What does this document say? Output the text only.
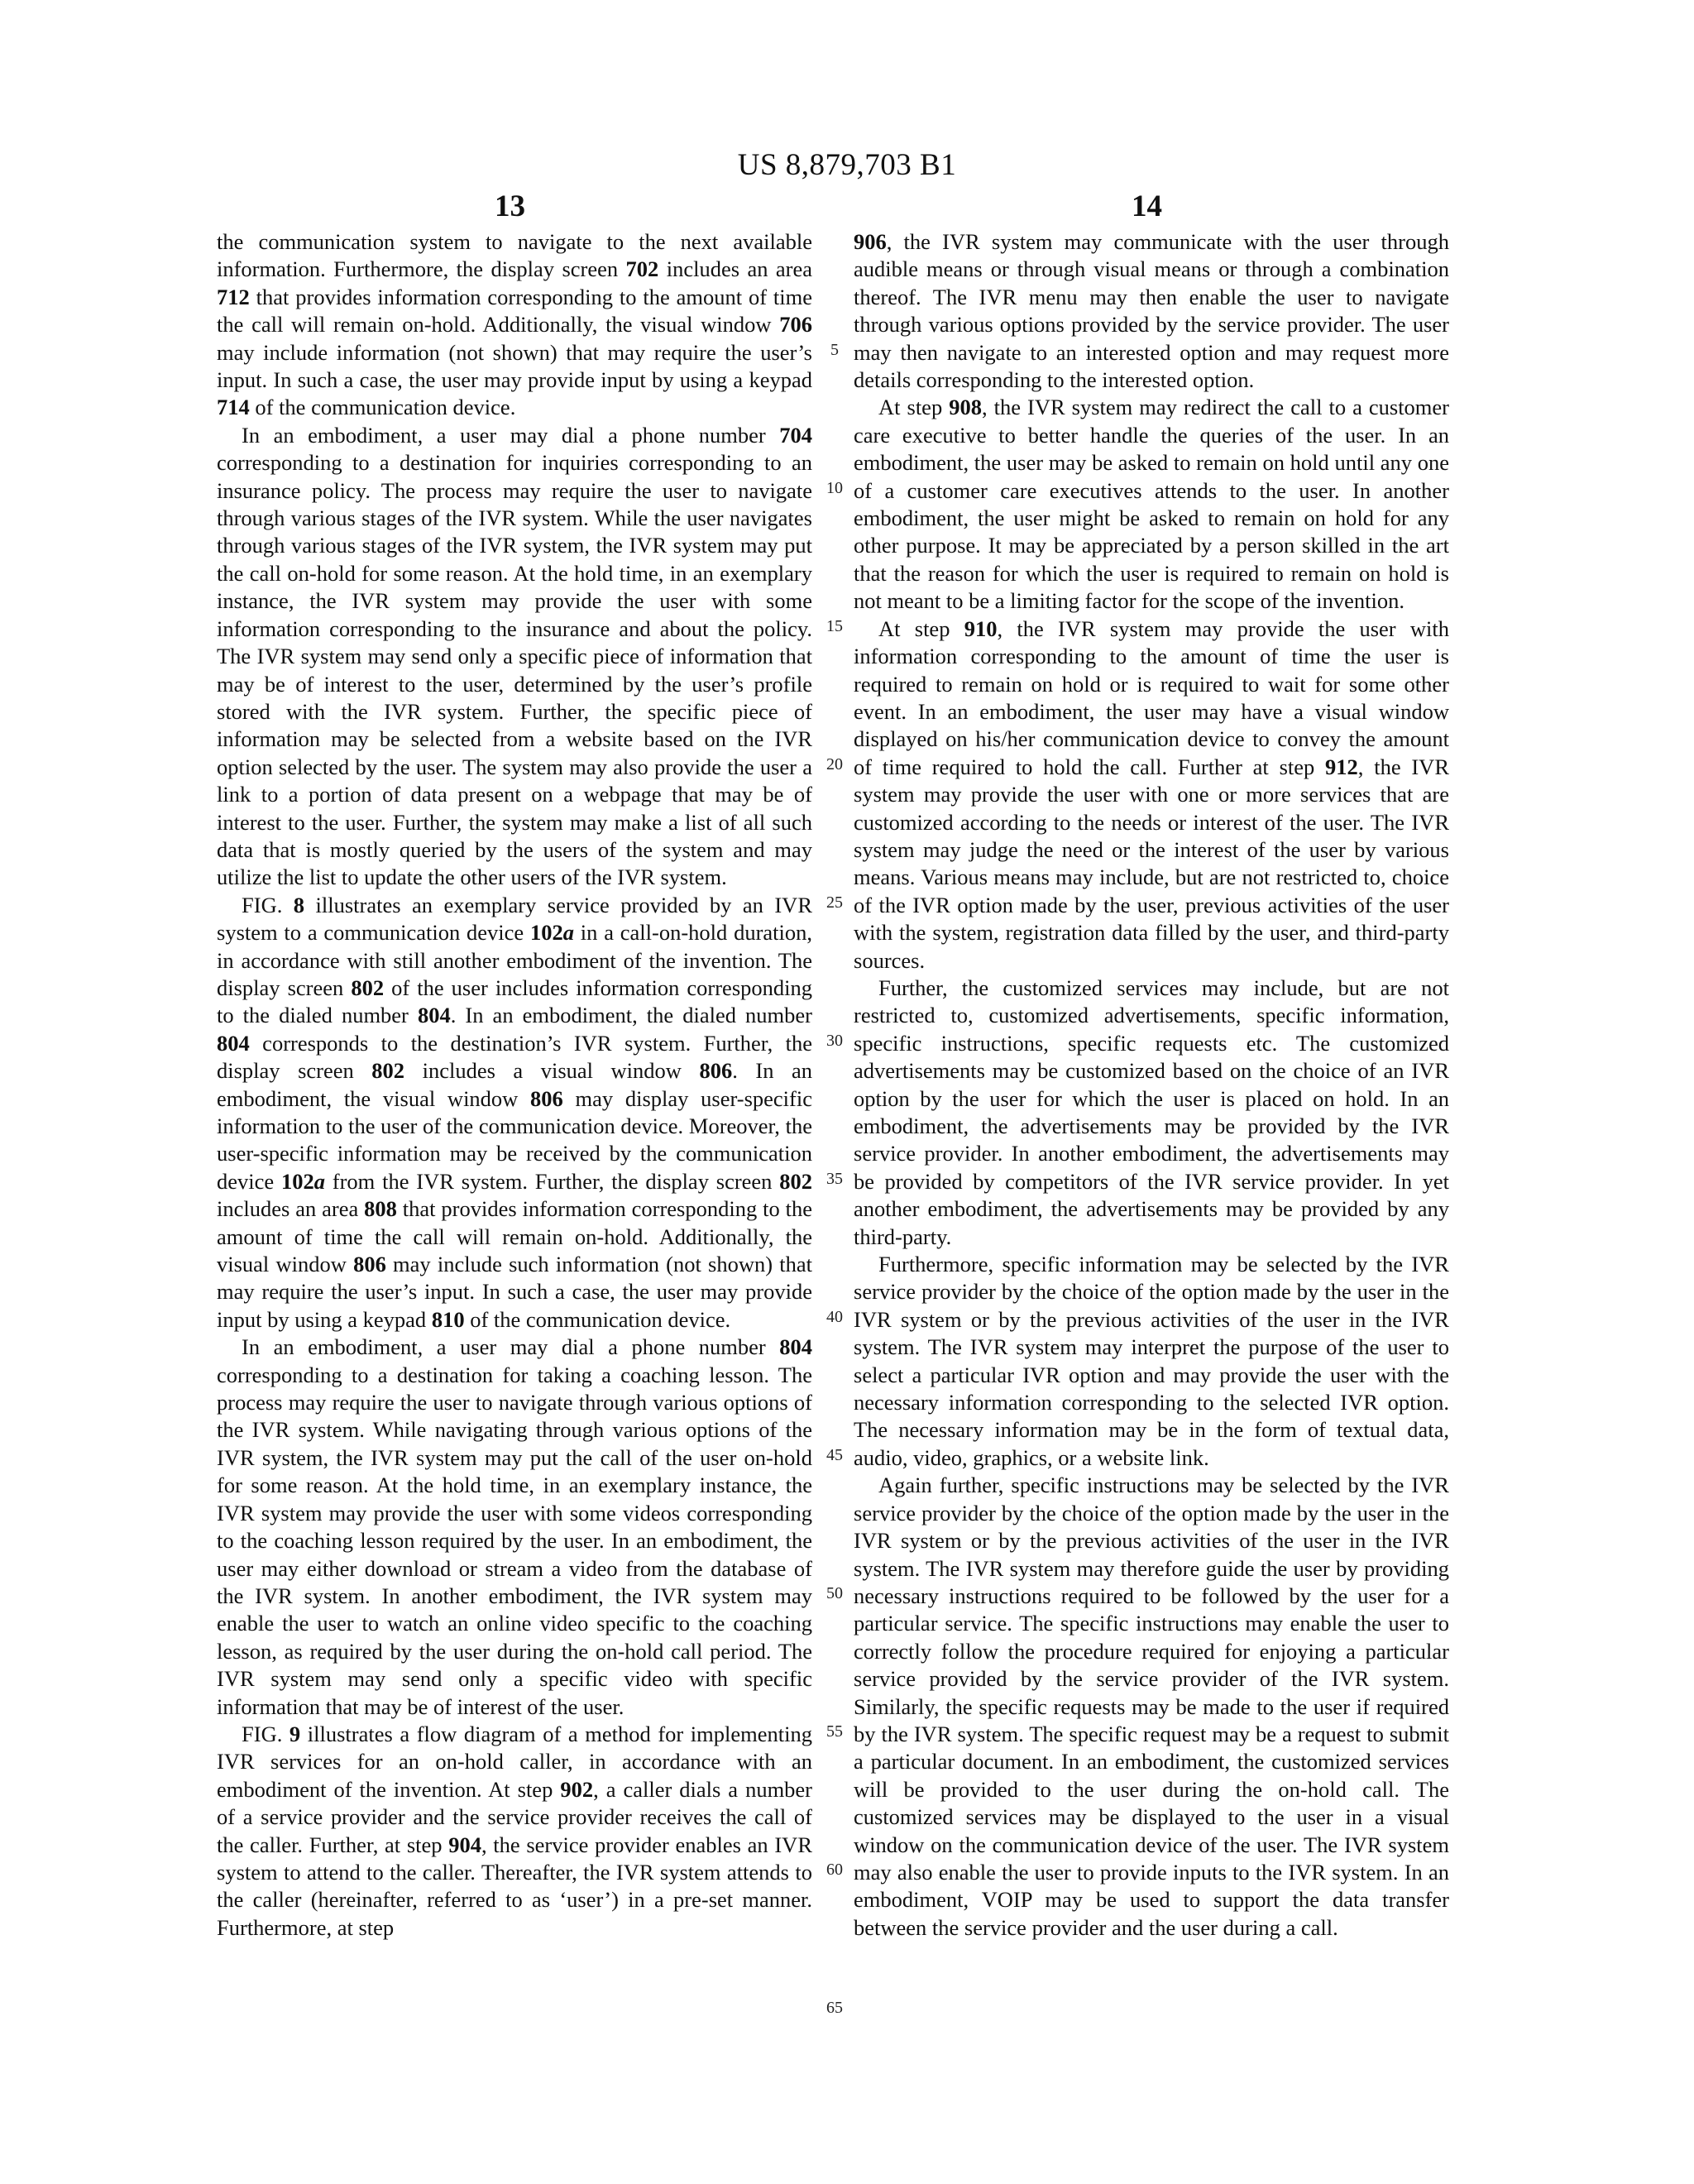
US 8,879,703 B1
13	14

the communication system to navigate to the next available information. Furthermore, the display screen 702 includes an area 712 that provides information corresponding to the amount of time the call will remain on-hold. Additionally, the visual window 706 may include information (not shown) that may require the user’s input. In such a case, the user may provide input by using a keypad 714 of the communication device.

In an embodiment, a user may dial a phone number 704 corresponding to a destination for inquiries corresponding to an insurance policy. The process may require the user to navigate through various stages of the IVR system. While the user navigates through various stages of the IVR system, the IVR system may put the call on-hold for some reason. At the hold time, in an exemplary instance, the IVR system may provide the user with some information corresponding to the insurance and about the policy. The IVR system may send only a specific piece of information that may be of interest to the user, determined by the user’s profile stored with the IVR system. Further, the specific piece of information may be selected from a website based on the IVR option selected by the user. The system may also provide the user a link to a portion of data present on a webpage that may be of interest to the user. Further, the system may make a list of all such data that is mostly queried by the users of the system and may utilize the list to update the other users of the IVR system.

FIG. 8 illustrates an exemplary service provided by an IVR system to a communication device 102a in a call-on-hold duration, in accordance with still another embodiment of the invention. The display screen 802 of the user includes information corresponding to the dialed number 804. In an embodiment, the dialed number 804 corresponds to the destination’s IVR system. Further, the display screen 802 includes a visual window 806. In an embodiment, the visual window 806 may display user-specific information to the user of the communication device. Moreover, the user-specific information may be received by the communication device 102a from the IVR system. Further, the display screen 802 includes an area 808 that provides information corresponding to the amount of time the call will remain on-hold. Additionally, the visual window 806 may include such information (not shown) that may require the user’s input. In such a case, the user may provide input by using a keypad 810 of the communication device.

In an embodiment, a user may dial a phone number 804 corresponding to a destination for taking a coaching lesson. The process may require the user to navigate through various options of the IVR system. While navigating through various options of the IVR system, the IVR system may put the call of the user on-hold for some reason. At the hold time, in an exemplary instance, the IVR system may provide the user with some videos corresponding to the coaching lesson required by the user. In an embodiment, the user may either download or stream a video from the database of the IVR system. In another embodiment, the IVR system may enable the user to watch an online video specific to the coaching lesson, as required by the user during the on-hold call period. The IVR system may send only a specific video with specific information that may be of interest of the user.

FIG. 9 illustrates a flow diagram of a method for implementing IVR services for an on-hold caller, in accordance with an embodiment of the invention. At step 902, a caller dials a number of a service provider and the service provider receives the call of the caller. Further, at step 904, the service provider enables an IVR system to attend to the caller. Thereafter, the IVR system attends to the caller (hereinafter, referred to as ‘user’) in a pre-set manner. Furthermore, at step

906, the IVR system may communicate with the user through audible means or through visual means or through a combination thereof. The IVR menu may then enable the user to navigate through various options provided by the service provider. The user may then navigate to an interested option and may request more details corresponding to the interested option.

At step 908, the IVR system may redirect the call to a customer care executive to better handle the queries of the user. In an embodiment, the user may be asked to remain on hold until any one of a customer care executives attends to the user. In another embodiment, the user might be asked to remain on hold for any other purpose. It may be appreciated by a person skilled in the art that the reason for which the user is required to remain on hold is not meant to be a limiting factor for the scope of the invention.

At step 910, the IVR system may provide the user with information corresponding to the amount of time the user is required to remain on hold or is required to wait for some other event. In an embodiment, the user may have a visual window displayed on his/her communication device to convey the amount of time required to hold the call. Further at step 912, the IVR system may provide the user with one or more services that are customized according to the needs or interest of the user. The IVR system may judge the need or the interest of the user by various means. Various means may include, but are not restricted to, choice of the IVR option made by the user, previous activities of the user with the system, registration data filled by the user, and third-party sources.

Further, the customized services may include, but are not restricted to, customized advertisements, specific information, specific instructions, specific requests etc. The customized advertisements may be customized based on the choice of an IVR option by the user for which the user is placed on hold. In an embodiment, the advertisements may be provided by the IVR service provider. In another embodiment, the advertisements may be provided by competitors of the IVR service provider. In yet another embodiment, the advertisements may be provided by any third-party.

Furthermore, specific information may be selected by the IVR service provider by the choice of the option made by the user in the IVR system or by the previous activities of the user in the IVR system. The IVR system may interpret the purpose of the user to select a particular IVR option and may provide the user with the necessary information corresponding to the selected IVR option. The necessary information may be in the form of textual data, audio, video, graphics, or a website link.

Again further, specific instructions may be selected by the IVR service provider by the choice of the option made by the user in the IVR system or by the previous activities of the user in the IVR system. The IVR system may therefore guide the user by providing necessary instructions required to be followed by the user for a particular service. The specific instructions may enable the user to correctly follow the procedure required for enjoying a particular service provided by the service provider of the IVR system. Similarly, the specific requests may be made to the user if required by the IVR system. The specific request may be a request to submit a particular document. In an embodiment, the customized services will be provided to the user during the on-hold call. The customized services may be displayed to the user in a visual window on the communication device of the user. The IVR system may also enable the user to provide inputs to the IVR system. In an embodiment, VOIP may be used to support the data transfer between the service provider and the user during a call.

5
10
15
20
25
30
35
40
45
50
55
60
65
